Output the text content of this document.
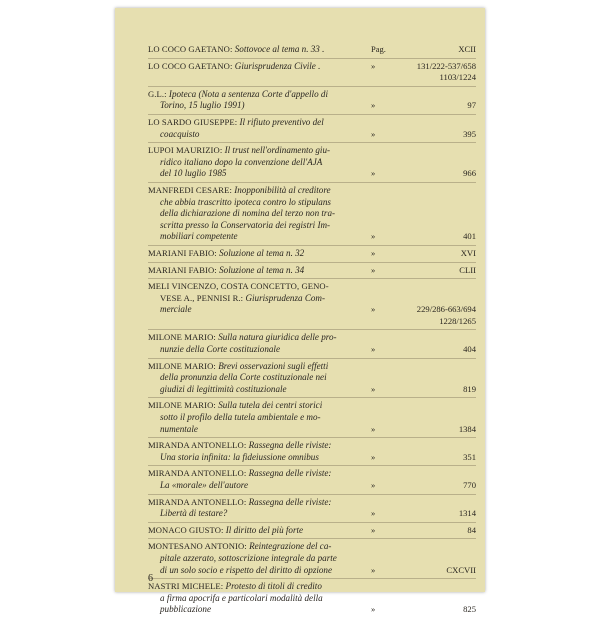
LO COCO GAETANO: Sottovoce al tema n. 33 .	Pag.	XCII
LO COCO GAETANO: Giurisprudenza Civile .	»	131/222-537/658
1103/1224
G.L.: Ipoteca (Nota a sentenza Corte d'appello di
Torino, 15 luglio 1991)	»	97
LO SARDO GIUSEPPE: Il rifiuto preventivo del
coacquisto	»	395
LUPOI MAURIZIO: Il trust nell'ordinamento giu-
ridico italiano dopo la convenzione dell'AJA
del 10 luglio 1985	»	966
MANFREDI CESARE: Inopponibilità al creditore
che abbia trascritto ipoteca contro lo stipulans
della dichiarazione di nomina del terzo non tra-
scritta presso la Conservatoria dei registri Im-
mobiliari competente	»	401
MARIANI FABIO: Soluzione al tema n. 32	»	XVI
MARIANI FABIO: Soluzione al tema n. 34	»	CLII
MELI VINCENZO, COSTA CONCETTO, GENO-
VESE A., PENNISI R.: Giurisprudenza Com-
merciale	»	229/286-663/694
1228/1265
MILONE MARIO: Sulla natura giuridica delle pro-
nunzie della Corte costituzionale	»	404
MILONE MARIO: Brevi osservazioni sugli effetti
della pronunzia della Corte costituzionale nei
giudizi di legittimità costituzionale	»	819
MILONE MARIO: Sulla tutela dei centri storici
sotto il profilo della tutela ambientale e mo-
numentale	»	1384
MIRANDA ANTONELLO: Rassegna delle riviste:
Una storia infinita: la fideiussione omnibus	»	351
MIRANDA ANTONELLO: Rassegna delle riviste:
La «morale» dell'autore	»	770
MIRANDA ANTONELLO: Rassegna delle riviste:
Libertà di testare?	»	1314
MONACO GIUSTO: Il diritto del più forte	»	84
MONTESANO ANTONIO: Reintegrazione del ca-
pitale azzerato, sottoscrizione integrale da parte
di un solo socio e rispetto del diritto di opzione	»	CXCVII
NASTRI MICHELE: Protesto di titoli di credito
a firma apocrifa e particolari modalità della
pubblicazione	»	825
6
